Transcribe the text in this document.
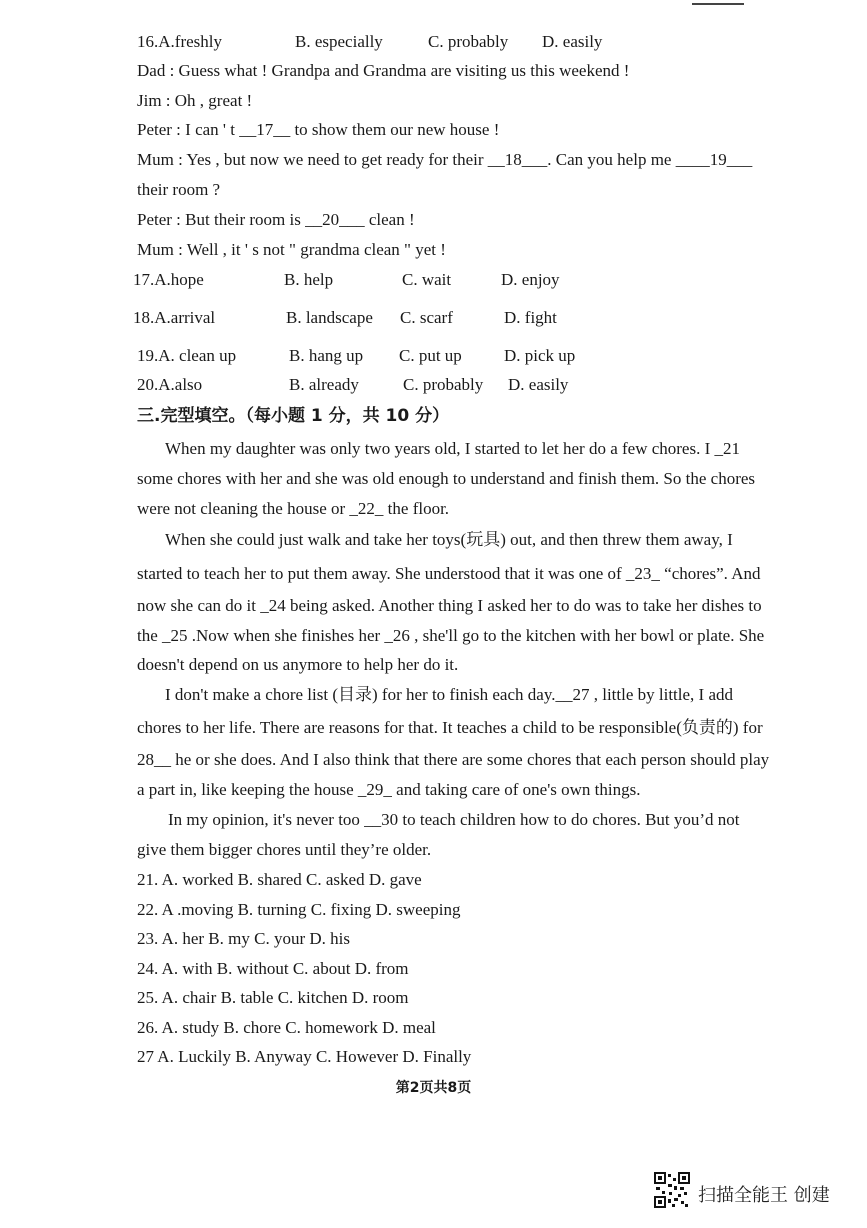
16.A.freshly	B. especially	C. probably D. easily
Dad : Guess what ! Grandpa and Grandma are visiting us this weekend !
Jim : Oh , great !
Peter : I can ' t __17__ to show them our new house !
Mum : Yes , but now we need to get ready for their __18___. Can you help me ____19___
their room ?
Peter : But their room is __20___ clean !
Mum : Well , it ' s not " grandma clean " yet !
17.A.hope	B. help	C. wait	D. enjoy
18.A.arrival	B. landscape C. scarf	D. fight
19.A. clean up	B. hang up C. put up D. pick up
20.A.also	B. already	C. probably D. easily
三.完型填空。（每小题 1 分，共 10 分）
When my daughter was only two years old, I started to let her do a few chores. I _21
some chores with her and she was old enough to understand and finish them. So the chores
were not cleaning the house or _22_ the floor.
When she could just walk and take her toys(玩具) out, and then threw them away, I
started to teach her to put them away. She understood that it was one of _23_ “chores”. And
now she can do it _24 being asked. Another thing I asked her to do was to take her dishes to
the _25 .Now when she finishes her _26 , she'll go to the kitchen with her bowl or plate. She
doesn't depend on us anymore to help her do it.
I don't make a chore list (目录) for her to finish each day.__27 , little by little, I add
chores to her life. There are reasons for that. It teaches a child to be responsible(负责的) for
28__ he or she does. And I also think that there are some chores that each person should play
a part in, like keeping the house _29_ and taking care of one's own things.
In my opinion, it's never too __30 to teach children how to do chores. But you’d not
give them bigger chores until they’re older.
21. A. worked B. shared C. asked D. gave
22. A .moving B. turning C. fixing D. sweeping
23. A. her B. my C. your D. his
24. A. with B. without C. about D. from
25. A. chair B. table C. kitchen D. room
26. A. study B. chore C. homework D. meal
27 A. Luckily B. Anyway C. However D. Finally
第2页共8页
扫描全能王 创建
